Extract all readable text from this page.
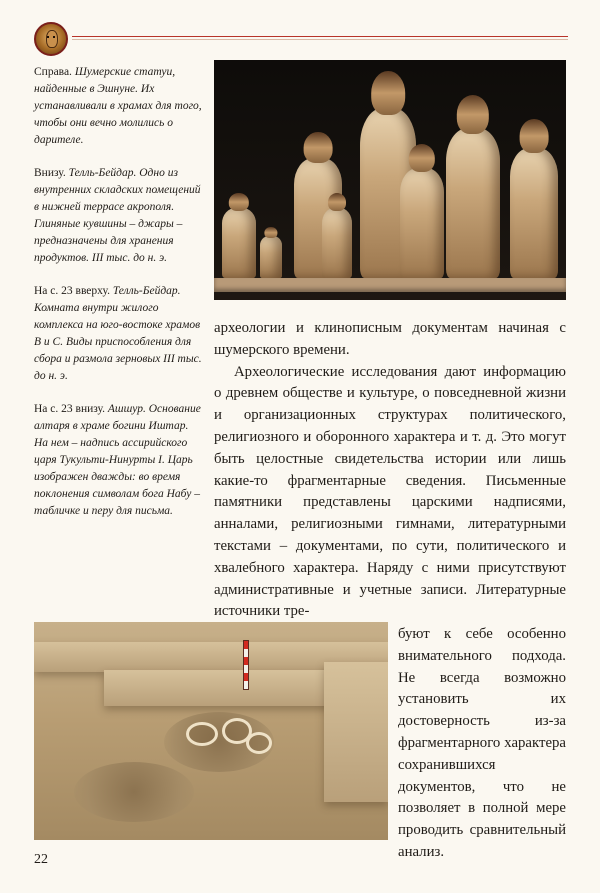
Справа. Шумерские статуи, найденные в Эшнуне. Их устанавливали в храмах для того, чтобы они вечно молились о дарителе.

Внизу. Телль-Бейдар. Одно из внутренних складских помещений в нижней террасе акрополя. Глиняные кувшины – джары – предназначены для хранения продуктов. III тыс. до н. э.

На с. 23 вверху. Телль-Бейдар. Комната внутри жилого комплекса на юго-востоке храмов B и C. Виды приспособления для сбора и размола зерновых III тыс. до н. э.

На с. 23 внизу. Ашшур. Основание алтаря в храме богини Иштар. На нем – надпись ассирийского царя Тукульти-Нинурты I. Царь изображен дважды: во время поклонения символам бога Набу – табличке и перу для письма.

археологии и клинописным документам начиная с шумерского времени.

Археологические исследования дают информацию о древнем обществе и культуре, о повседневной жизни и организационных структурах политического, религиозного и оборонного характера и т. д. Это могут быть целостные свидетельства истории или лишь какие-то фрагментарные сведения. Письменные памятники представлены царскими надписями, анналами, религиозными гимнами, литературными текстами – документами, по сути, политического и хвалебного характера. Наряду с ними присутствуют административные и учетные записи. Литературные источники тре-

буют к себе особенно внимательного подхода. Не всегда возможно установить их достоверность из-за фрагментарного характера сохранившихся документов, что не позволяет в полной мере проводить сравнительный анализ.

22
